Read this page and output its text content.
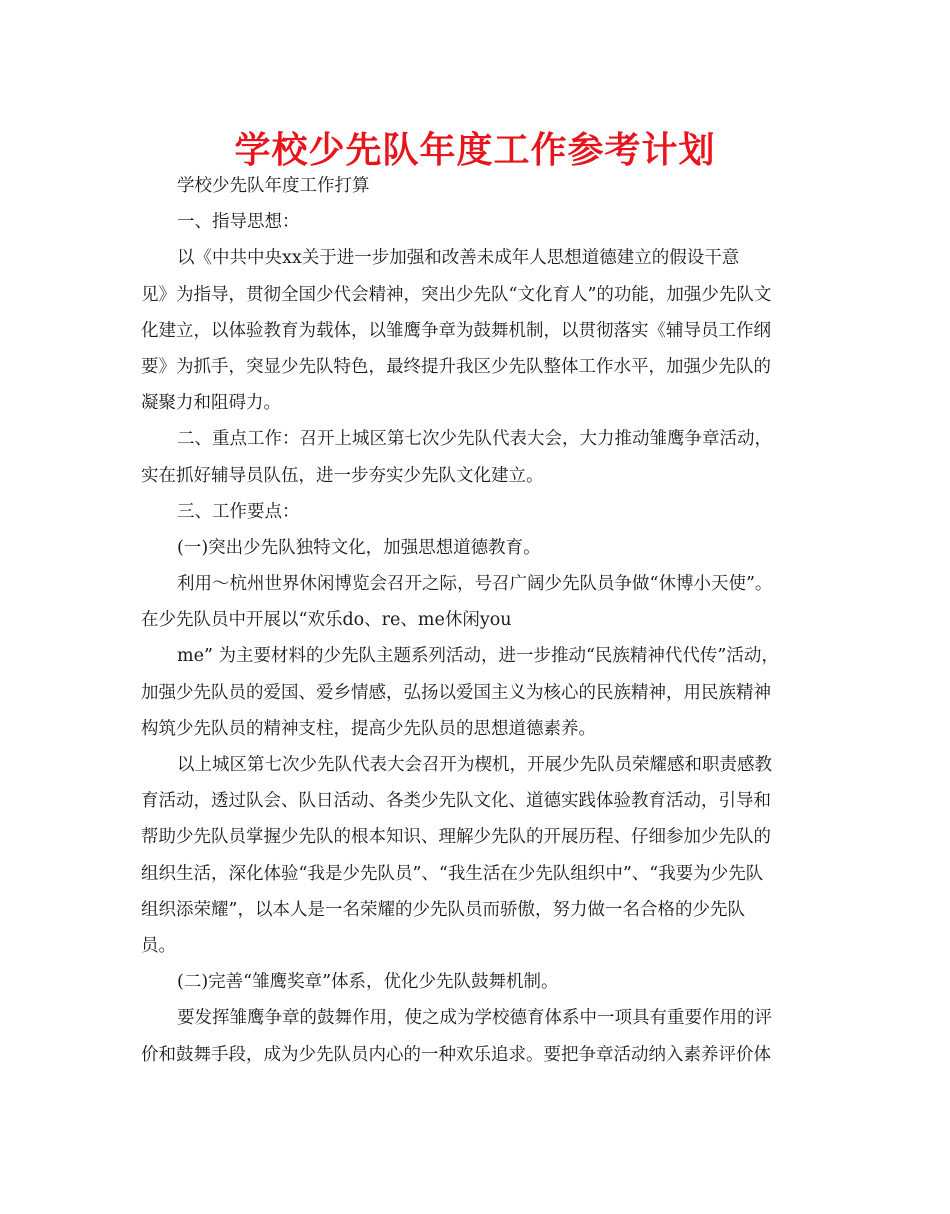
学校少先队年度工作参考计划
学校少先队年度工作打算
一、指导思想：
以《中共中央xx关于进一步加强和改善未成年人思想道德建立的假设干意
见》为指导，贯彻全国少代会精神，突出少先队“文化育人”的功能，加强少先队文
化建立，以体验教育为载体，以雏鹰争章为鼓舞机制，以贯彻落实《辅导员工作纲
要》为抓手，突显少先队特色，最终提升我区少先队整体工作水平，加强少先队的
凝聚力和阻碍力。
二、重点工作：召开上城区第七次少先队代表大会，大力推动雏鹰争章活动，
实在抓好辅导员队伍，进一步夯实少先队文化建立。
三、工作要点：
(一)突出少先队独特文化，加强思想道德教育。
利用～杭州世界休闲博览会召开之际，号召广阔少先队员争做“休博小天使”。
在少先队员中开展以“欢乐do、re、me休闲you
me” 为主要材料的少先队主题系列活动，进一步推动“民族精神代代传”活动，
加强少先队员的爱国、爱乡情感，弘扬以爱国主义为核心的民族精神，用民族精神
构筑少先队员的精神支柱，提高少先队员的思想道德素养。
以上城区第七次少先队代表大会召开为楔机，开展少先队员荣耀感和职责感教
育活动，透过队会、队日活动、各类少先队文化、道德实践体验教育活动，引导和
帮助少先队员掌握少先队的根本知识、理解少先队的开展历程、仔细参加少先队的
组织生活，深化体验“我是少先队员”、“我生活在少先队组织中”、“我要为少先队
组织添荣耀”，以本人是一名荣耀的少先队员而骄傲，努力做一名合格的少先队
员。
(二)完善“雏鹰奖章”体系，优化少先队鼓舞机制。
要发挥雏鹰争章的鼓舞作用，使之成为学校德育体系中一项具有重要作用的评
价和鼓舞手段，成为少先队员内心的一种欢乐追求。要把争章活动纳入素养评价体
